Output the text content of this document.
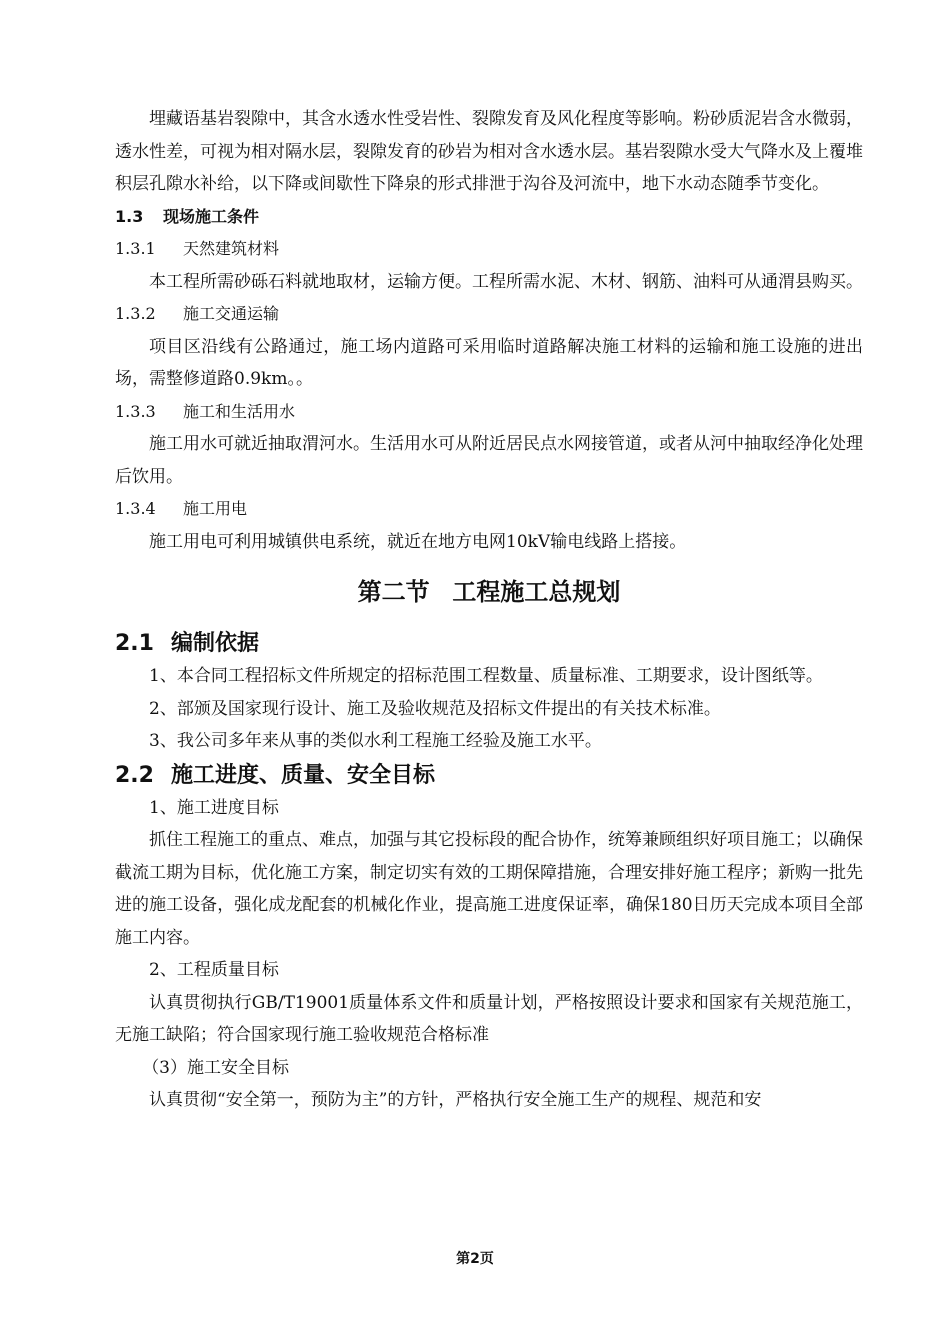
埋藏语基岩裂隙中，其含水透水性受岩性、裂隙发育及风化程度等影响。粉砂质泥岩含水微弱，透水性差，可视为相对隔水层，裂隙发育的砂岩为相对含水透水层。基岩裂隙水受大气降水及上覆堆积层孔隙水补给，以下降或间歇性下降泉的形式排泄于沟谷及河流中，地下水动态随季节变化。

1.3 现场施工条件

1.3.1 天然建筑材料

本工程所需砂砾石料就地取材，运输方便。工程所需水泥、木材、钢筋、油料可从通渭县购买。

1.3.2 施工交通运输

项目区沿线有公路通过，施工场内道路可采用临时道路解决施工材料的运输和施工设施的进出场，需整修道路0.9km。。

1.3.3 施工和生活用水

施工用水可就近抽取渭河水。生活用水可从附近居民点水网接管道，或者从河中抽取经净化处理后饮用。

1.3.4 施工用电

施工用电可利用城镇供电系统，就近在地方电网10kV输电线路上搭接。

第二节 工程施工总规划

2.1 编制依据

1、本合同工程招标文件所规定的招标范围工程数量、质量标准、工期要求，设计图纸等。

2、部颁及国家现行设计、施工及验收规范及招标文件提出的有关技术标准。

3、我公司多年来从事的类似水利工程施工经验及施工水平。

2.2 施工进度、质量、安全目标

1、施工进度目标

抓住工程施工的重点、难点，加强与其它投标段的配合协作，统筹兼顾组织好项目施工；以确保截流工期为目标，优化施工方案，制定切实有效的工期保障措施，合理安排好施工程序；新购一批先进的施工设备，强化成龙配套的机械化作业，提高施工进度保证率，确保180日历天完成本项目全部施工内容。

2、工程质量目标

认真贯彻执行GB/T19001质量体系文件和质量计划，严格按照设计要求和国家有关规范施工，无施工缺陷；符合国家现行施工验收规范合格标准

（3）施工安全目标

认真贯彻“安全第一，预防为主”的方针，严格执行安全施工生产的规程、规范和安

第2页
